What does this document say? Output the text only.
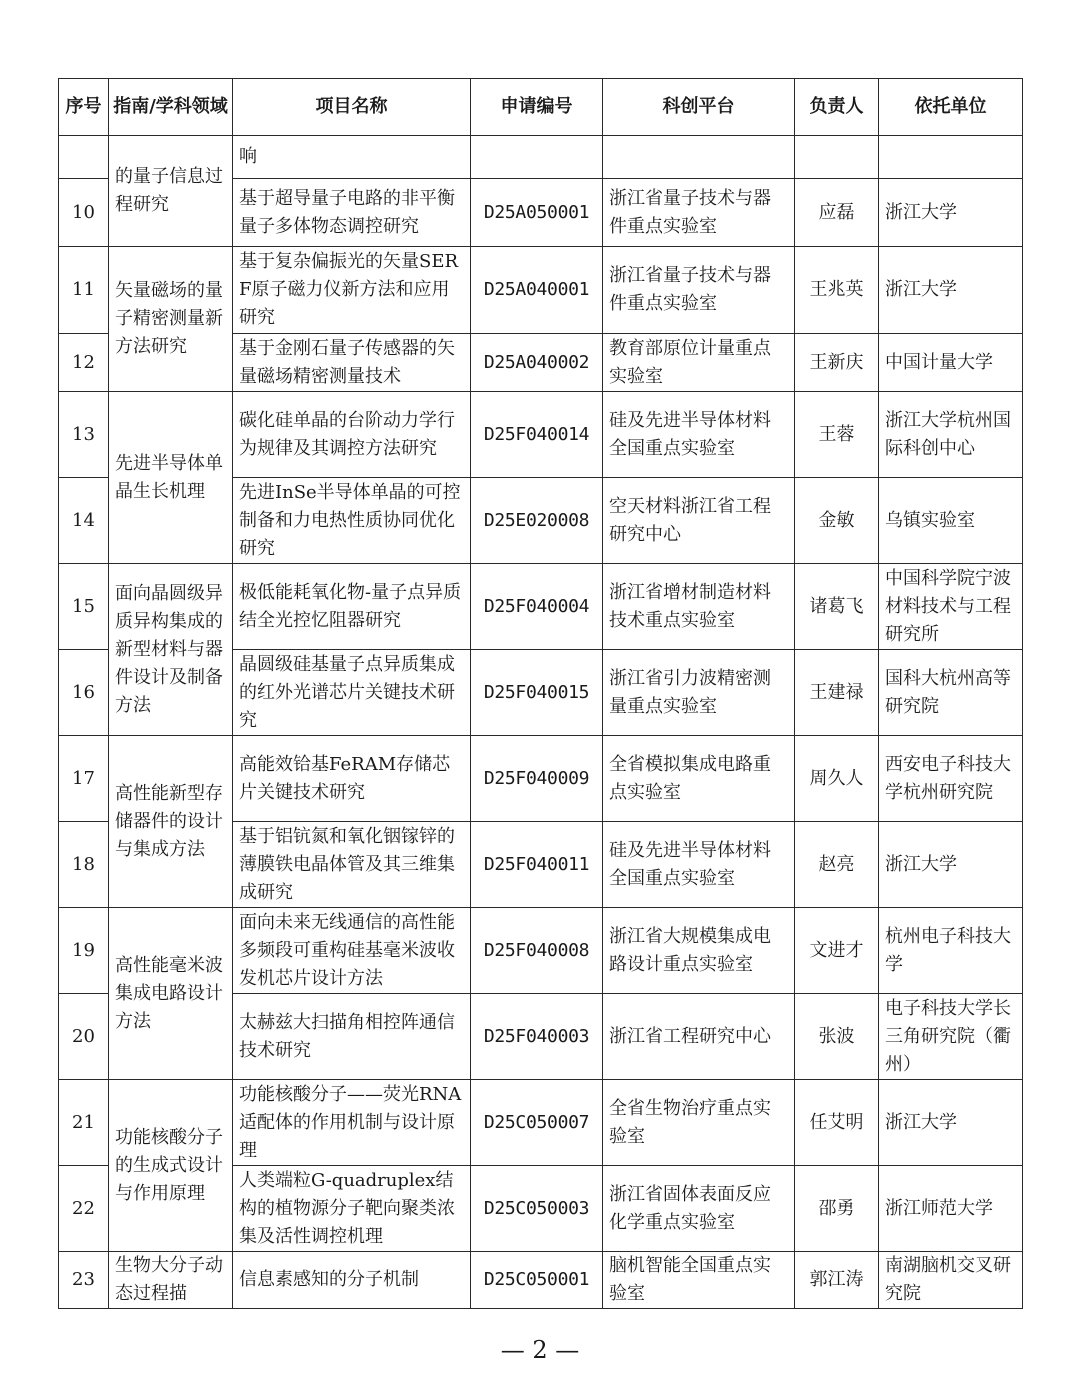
序号	指南/学科领域	项目名称	申请编号	科创平台	负责人	依托单位
	的量子信息过程研究	响				
10		基于超导量子电路的非平衡量子多体物态调控研究	D25A050001	浙江省量子技术与器件重点实验室	应磊	浙江大学
11	矢量磁场的量子精密测量新方法研究	基于复杂偏振光的矢量SERF原子磁力仪新方法和应用研究	D25A040001	浙江省量子技术与器件重点实验室	王兆英	浙江大学
12		基于金刚石量子传感器的矢量磁场精密测量技术	D25A040002	教育部原位计量重点实验室	王新庆	中国计量大学
13	先进半导体单晶生长机理	碳化硅单晶的台阶动力学行为规律及其调控方法研究	D25F040014	硅及先进半导体材料全国重点实验室	王蓉	浙江大学杭州国际科创中心
14		先进InSe半导体单晶的可控制备和力电热性质协同优化研究	D25E020008	空天材料浙江省工程研究中心	金敏	乌镇实验室
15	面向晶圆级异质异构集成的新型材料与器件设计及制备方法	极低能耗氧化物-量子点异质结全光控忆阻器研究	D25F040004	浙江省增材制造材料技术重点实验室	诸葛飞	中国科学院宁波材料技术与工程研究所
16		晶圆级硅基量子点异质集成的红外光谱芯片关键技术研究	D25F040015	浙江省引力波精密测量重点实验室	王建禄	国科大杭州高等研究院
17	高性能新型存储器件的设计与集成方法	高能效铪基FeRAM存储芯片关键技术研究	D25F040009	全省模拟集成电路重点实验室	周久人	西安电子科技大学杭州研究院
18		基于铝钪氮和氧化铟镓锌的薄膜铁电晶体管及其三维集成研究	D25F040011	硅及先进半导体材料全国重点实验室	赵亮	浙江大学
19	高性能毫米波集成电路设计方法	面向未来无线通信的高性能多频段可重构硅基毫米波收发机芯片设计方法	D25F040008	浙江省大规模集成电路设计重点实验室	文进才	杭州电子科技大学
20		太赫兹大扫描角相控阵通信技术研究	D25F040003	浙江省工程研究中心	张波	电子科技大学长三角研究院（衢州）
21	功能核酸分子的生成式设计与作用原理	功能核酸分子——荧光RNA适配体的作用机制与设计原理	D25C050007	全省生物治疗重点实验室	任艾明	浙江大学
22		人类端粒G-quadruplex结构的植物源分子靶向聚类浓集及活性调控机理	D25C050003	浙江省固体表面反应化学重点实验室	邵勇	浙江师范大学
23	生物大分子动态过程描	信息素感知的分子机制	D25C050001	脑机智能全国重点实验室	郭江涛	南湖脑机交叉研究院
— 2 —
